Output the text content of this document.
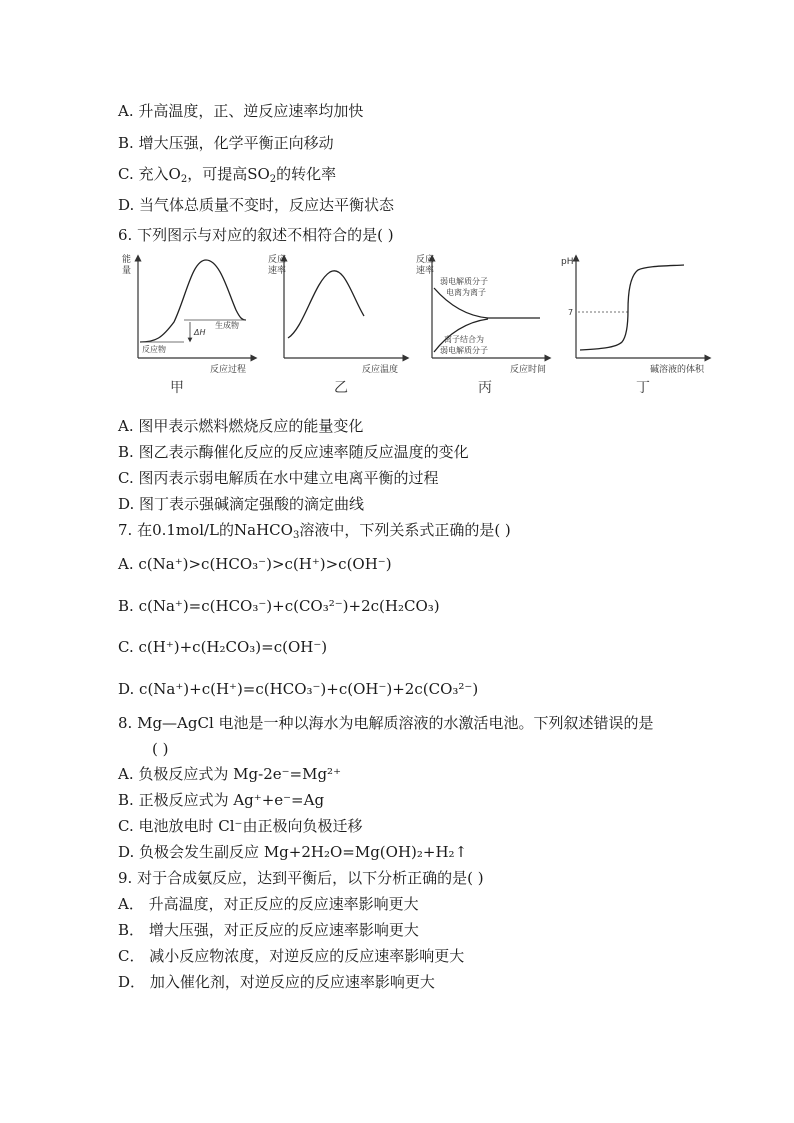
A. 升高温度，正、逆反应速率均加快
B. 增大压强，化学平衡正向移动
C. 充入$O_2$，可提高$SO_2$的转化率
D. 当气体总质量不变时，反应达平衡状态
6. 下列图示与对应的叙述不相符合的是( )
能
量
生成物
ΔH
反应物
反应过程
甲
反应
速率
反应温度
乙
反应
速率
弱电解质分子
电离为离子
离子结合为
弱电解质分子
反应时间
丙
pH
7
碱溶液的体积
丁
A. 图甲表示燃料燃烧反应的能量变化
B. 图乙表示酶催化反应的反应速率随反应温度的变化
C. 图丙表示弱电解质在水中建立电离平衡的过程
D. 图丁表示强碱滴定强酸的滴定曲线
7. 在0.1mol/L的NaHCO$_3$溶液中，下列关系式正确的是( )
A. c(Na⁺)>c(HCO₃⁻)>c(H⁺)>c(OH⁻)
B. c(Na⁺)=c(HCO₃⁻)+c(CO₃²⁻)+2c(H₂CO₃)
C. c(H⁺)+c(H₂CO₃)=c(OH⁻)
D. c(Na⁺)+c(H⁺)=c(HCO₃⁻)+c(OH⁻)+2c(CO₃²⁻)
8. Mg—AgCl 电池是一种以海水为电解质溶液的水激活电池。下列叙述错误的是
( )
A. 负极反应式为 Mg-2e⁻=Mg²⁺
B. 正极反应式为 Ag⁺+e⁻=Ag
C. 电池放电时 Cl⁻由正极向负极迁移
D. 负极会发生副反应 Mg+2H₂O=Mg(OH)₂+H₂↑
9. 对于合成氨反应，达到平衡后，以下分析正确的是( )
A． 升高温度，对正反应的反应速率影响更大
B． 增大压强，对正反应的反应速率影响更大
C． 减小反应物浓度，对逆反应的反应速率影响更大
D． 加入催化剂，对逆反应的反应速率影响更大
